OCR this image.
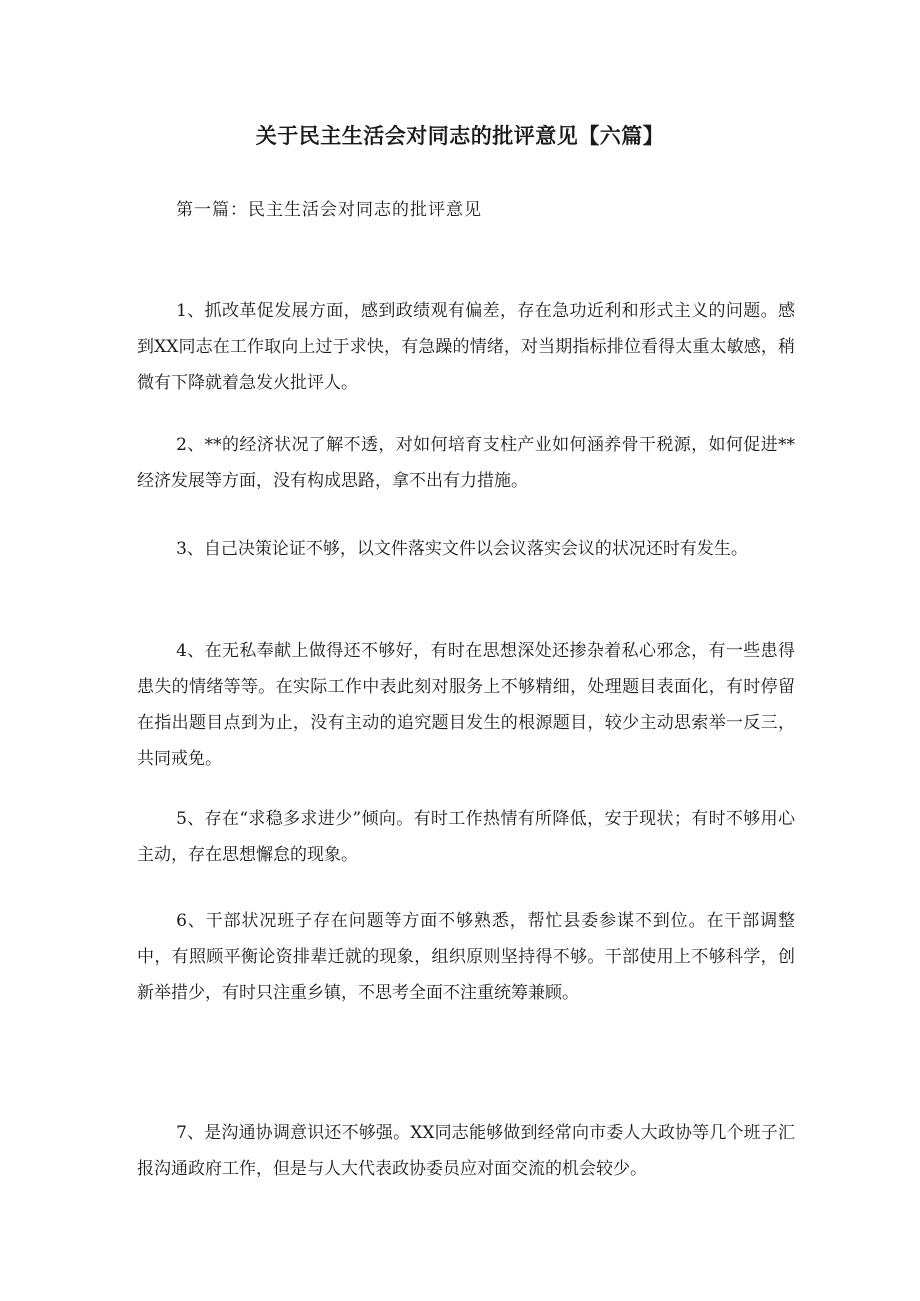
关于民主生活会对同志的批评意见【六篇】
第一篇：民主生活会对同志的批评意见

1、抓改革促发展方面，感到政绩观有偏差，存在急功近利和形式主义的问题。感到XX同志在工作取向上过于求快，有急躁的情绪，对当期指标排位看得太重太敏感，稍微有下降就着急发火批评人。

2、**的经济状况了解不透，对如何培育支柱产业如何涵养骨干税源，如何促进**经济发展等方面，没有构成思路，拿不出有力措施。

3、自己决策论证不够，以文件落实文件以会议落实会议的状况还时有发生。

4、在无私奉献上做得还不够好，有时在思想深处还掺杂着私心邪念，有一些患得患失的情绪等等。在实际工作中表此刻对服务上不够精细，处理题目表面化，有时停留在指出题目点到为止，没有主动的追究题目发生的根源题目，较少主动思索举一反三，共同戒免。

5、存在“求稳多求进少”倾向。有时工作热情有所降低，安于现状；有时不够用心主动，存在思想懈怠的现象。

6、干部状况班子存在问题等方面不够熟悉，帮忙县委参谋不到位。在干部调整中，有照顾平衡论资排辈迁就的现象，组织原则坚持得不够。干部使用上不够科学，创新举措少，有时只注重乡镇，不思考全面不注重统筹兼顾。

7、是沟通协调意识还不够强。XX同志能够做到经常向市委人大政协等几个班子汇报沟通政府工作，但是与人大代表政协委员应对面交流的机会较少。
